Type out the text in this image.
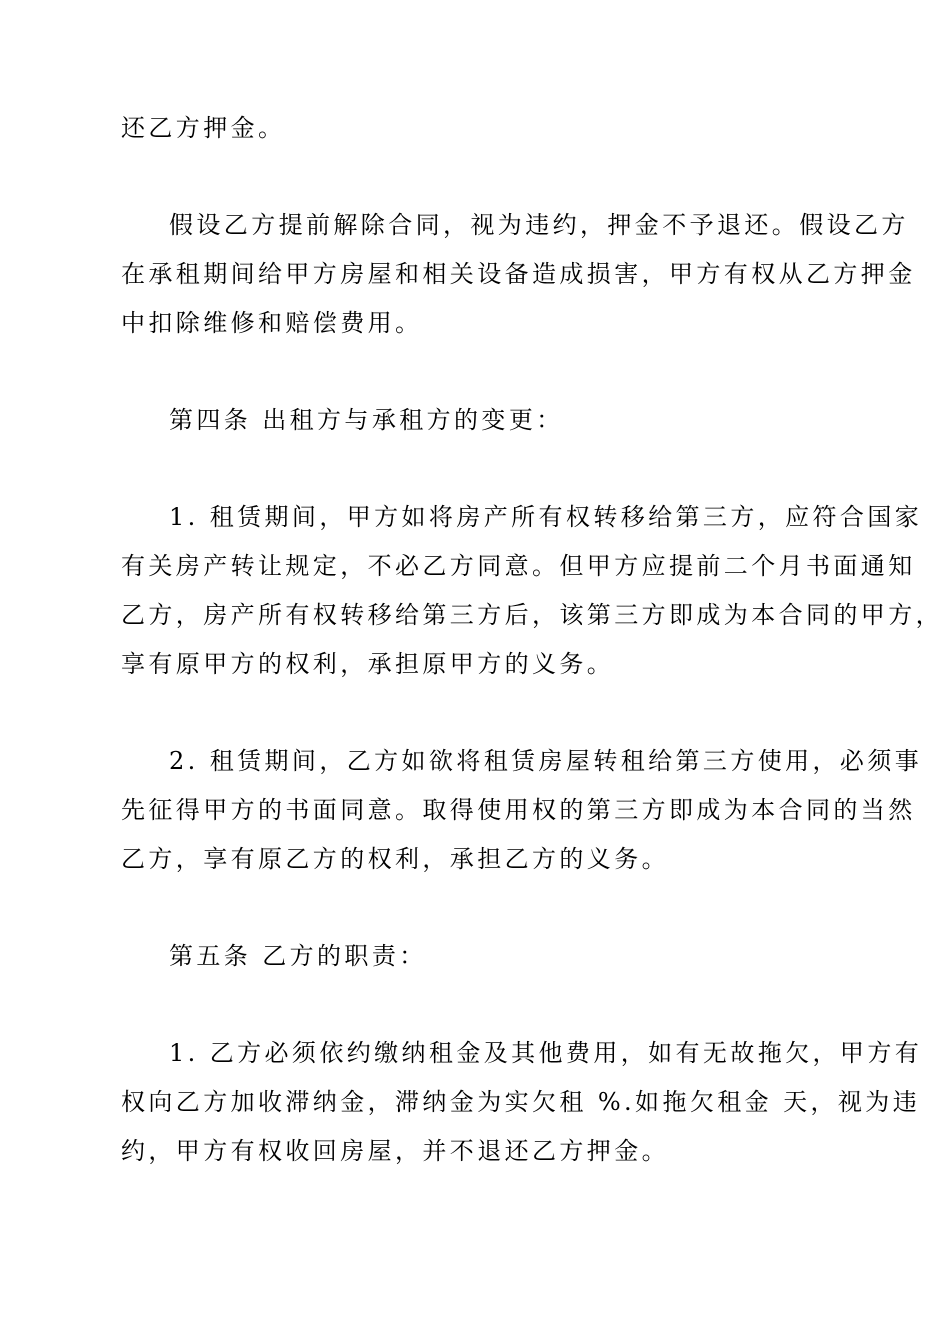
还乙方押金。
假设乙方提前解除合同，视为违约，押金不予退还。假设乙方
在承租期间给甲方房屋和相关设备造成损害，甲方有权从乙方押金
中扣除维修和赔偿费用。
第四条 出租方与承租方的变更：
1. 租赁期间，甲方如将房产所有权转移给第三方，应符合国家
有关房产转让规定，不必乙方同意。但甲方应提前二个月书面通知
乙方，房产所有权转移给第三方后，该第三方即成为本合同的甲方，
享有原甲方的权利，承担原甲方的义务。
2. 租赁期间，乙方如欲将租赁房屋转租给第三方使用，必须事
先征得甲方的书面同意。取得使用权的第三方即成为本合同的当然
乙方，享有原乙方的权利，承担乙方的义务。
第五条 乙方的职责：
1. 乙方必须依约缴纳租金及其他费用，如有无故拖欠，甲方有
权向乙方加收滞纳金，滞纳金为实欠租 %.如拖欠租金 天，视为违
约，甲方有权收回房屋，并不退还乙方押金。
